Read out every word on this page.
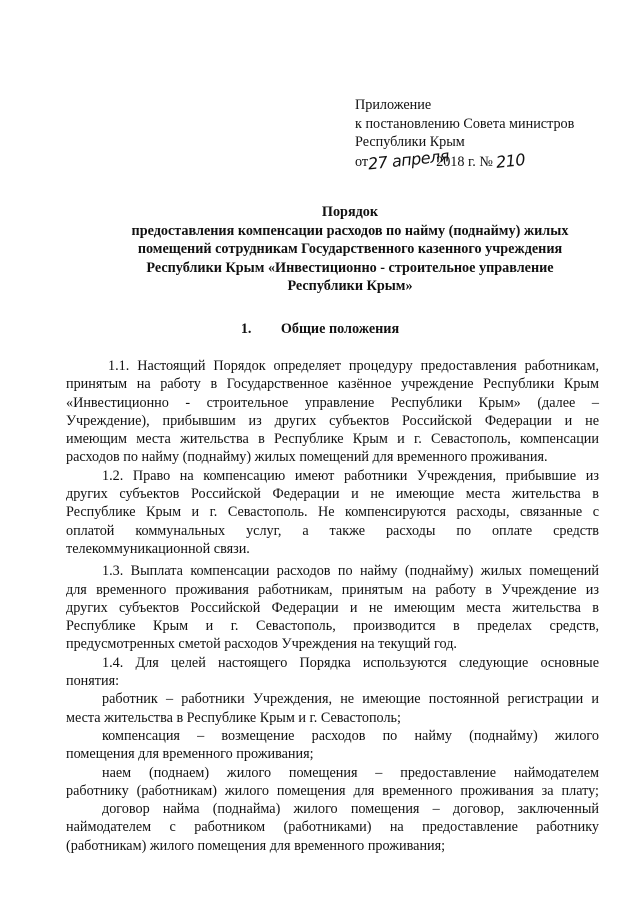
Приложение
к постановлению Совета министров
Республики Крым
от27 апреля2018 г. № 210
Порядок
предоставления компенсации расходов по найму (поднайму) жилых
помещений сотрудникам Государственного казенного учреждения
Республики Крым «Инвестиционно - строительное управление
Республики Крым»
1. Общие положения
1.1. Настоящий Порядок определяет процедуру предоставления работникам,
принятым на работу в Государственное казённое учреждение Республики Крым
«Инвестиционно - строительное управление Республики Крым» (далее –
Учреждение), прибывшим из других субъектов Российской Федерации и не
имеющим места жительства в Республике Крым и г. Севастополь, компенсации
расходов по найму (поднайму) жилых помещений для временного проживания.
1.2. Право на компенсацию имеют работники Учреждения, прибывшие из
других субъектов Российской Федерации и не имеющие места жительства в
Республике Крым и г. Севастополь. Не компенсируются расходы, связанные с
оплатой коммунальных услуг, а также расходы по оплате средств
телекоммуникационной связи.
1.3. Выплата компенсации расходов по найму (поднайму) жилых помещений
для временного проживания работникам, принятым на работу в Учреждение из
других субъектов Российской Федерации и не имеющим места жительства в
Республике Крым и г. Севастополь, производится в пределах средств,
предусмотренных сметой расходов Учреждения на текущий год.
1.4. Для целей настоящего Порядка используются следующие основные
понятия:
работник – работники Учреждения, не имеющие постоянной регистрации и
места жительства в Республике Крым и г. Севастополь;
компенсация – возмещение расходов по найму (поднайму) жилого
помещения для временного проживания;
наем (поднаем) жилого помещения – предоставление наймодателем
работнику (работникам) жилого помещения для временного проживания за плату;
договор найма (поднайма) жилого помещения – договор, заключенный
наймодателем с работником (работниками) на предоставление работнику
(работникам) жилого помещения для временного проживания;
